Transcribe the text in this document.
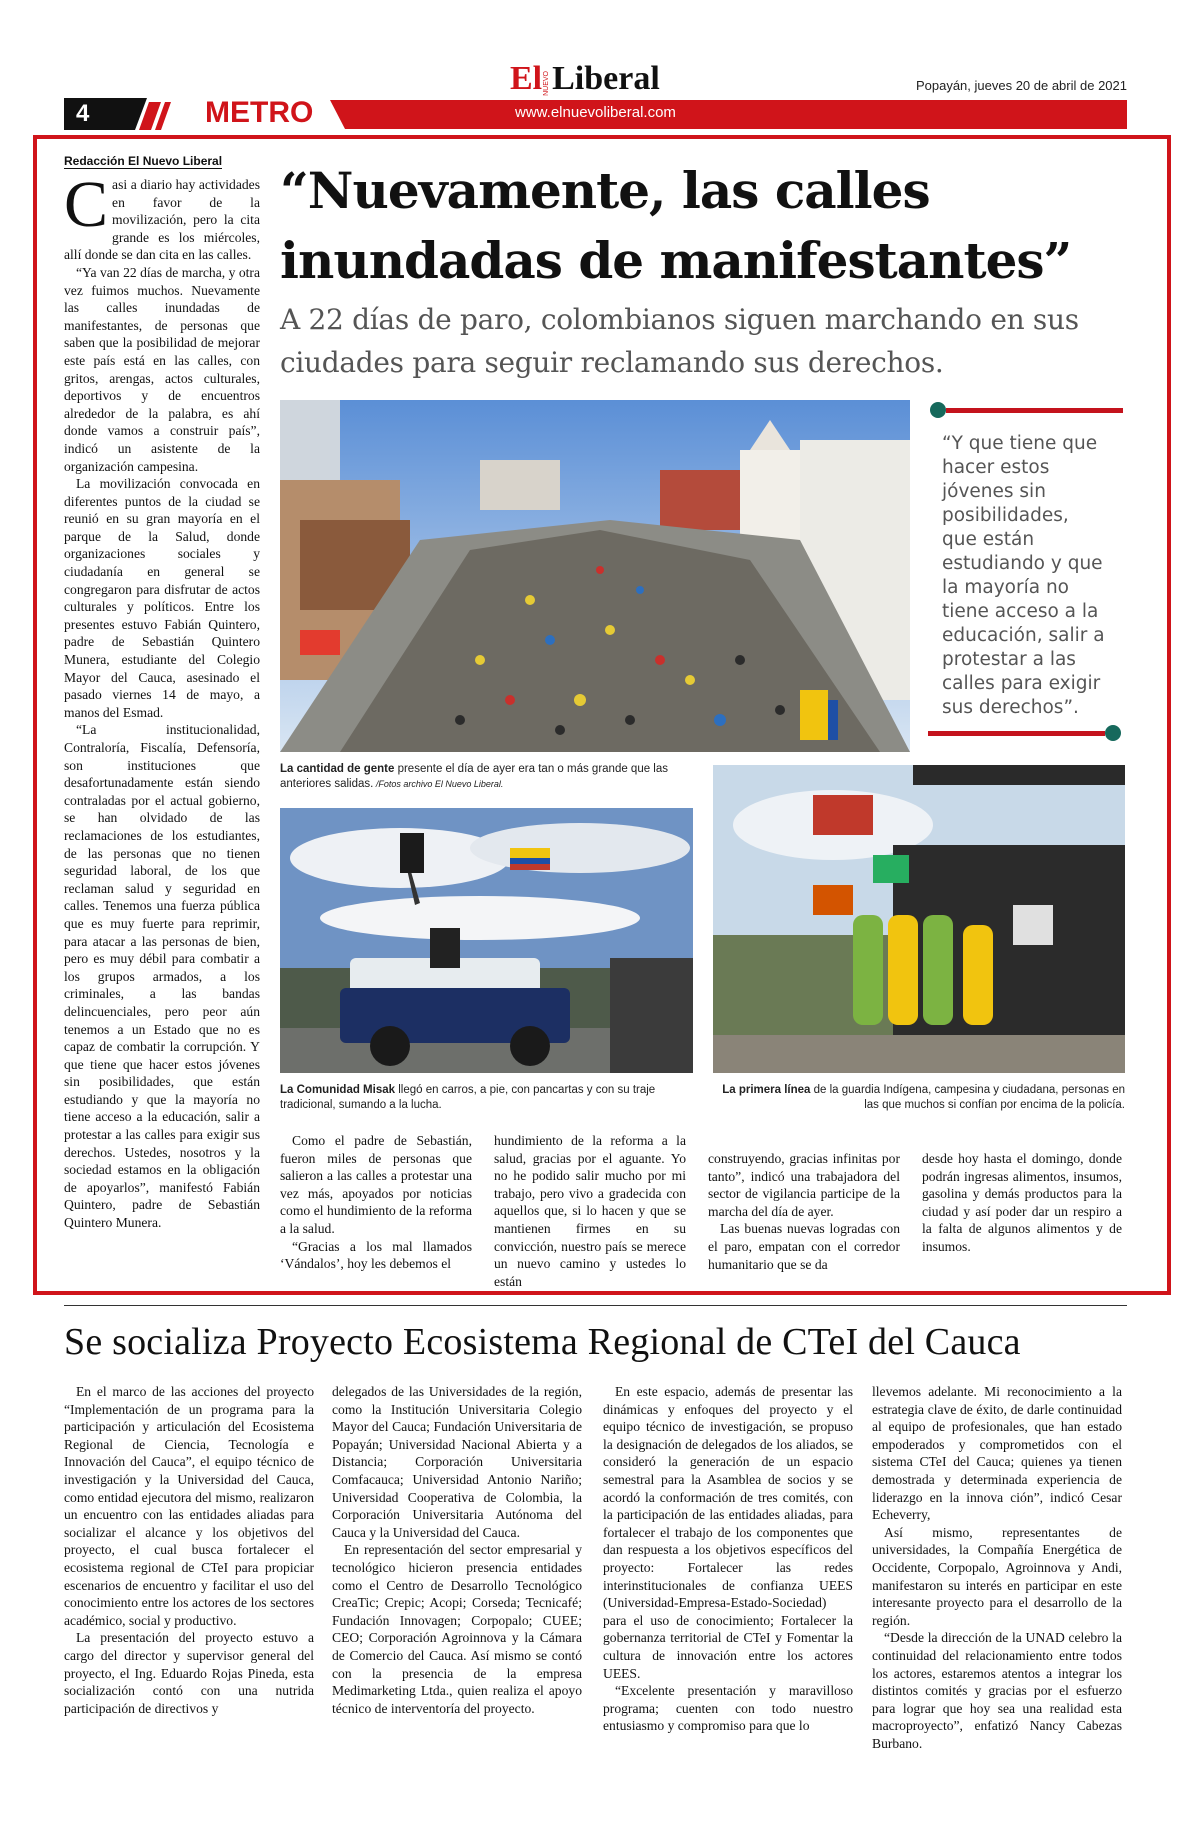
El NUEVO Liberal	Popayán, jueves 20 de abril de 2021
4	METRO	www.elnuevoliberal.com
Redacción El Nuevo Liberal

Casi a diario hay actividades en favor de la movilización, pero la cita grande es los miércoles, allí donde se dan cita en las calles.

“Ya van 22 días de marcha, y otra vez fuimos muchos. Nuevamente las calles inundadas de manifestantes, de personas que saben que la posibilidad de mejorar este país está en las calles, con gritos, arengas, actos culturales, deportivos y de encuentros alrededor de la palabra, es ahí donde vamos a construir país”, indicó un asistente de la organización campesina.

La movilización convocada en diferentes puntos de la ciudad se reunió en su gran mayoría en el parque de la Salud, donde organizaciones sociales y ciudadanía en general se congregaron para disfrutar de actos culturales y políticos. Entre los presentes estuvo Fabián Quintero, padre de Sebastián Quintero Munera, estudiante del Colegio Mayor del Cauca, asesinado el pasado viernes 14 de mayo, a manos del Esmad.

“La institucionalidad, Contraloría, Fiscalía, Defensoría, son instituciones que desafortunadamente están siendo contraladas por el actual gobierno, se han olvidado de las reclamaciones de los estudiantes, de las personas que no tienen seguridad laboral, de los que reclaman salud y seguridad en calles. Tenemos una fuerza pública que es muy fuerte para reprimir, para atacar a las personas de bien, pero es muy débil para combatir a los grupos armados, a los criminales, a las bandas delincuenciales, pero peor aún tenemos a un Estado que no es capaz de combatir la corrupción. Y que tiene que hacer estos jóvenes sin posibilidades, que están estudiando y que la mayoría no tiene acceso a la educación, salir a protestar a las calles para exigir sus derechos. Ustedes, nosotros y la sociedad estamos en la obligación de apoyarlos”, manifestó Fabián Quintero, padre de Sebastián Quintero Munera.

“Nuevamente, las calles inundadas de manifestantes”
A 22 días de paro, colombianos siguen marchando en sus ciudades para seguir reclamando sus derechos.
La cantidad de gente presente el día de ayer era tan o más grande que las anteriores salidas. /Fotos archivo El Nuevo Liberal.
“Y que tiene que hacer estos jóvenes sin posibilidades, que están estudiando y que la mayoría no tiene acceso a la educación, salir a protestar a las calles para exigir sus derechos”.
La Comunidad Misak llegó en carros, a pie, con pancartas y con su traje tradicional, sumando a la lucha.
La primera línea de la guardia Indígena, campesina y ciudadana, personas en las que muchos si confían por encima de la policía.

Como el padre de Sebastián, fueron miles de personas que salieron a las calles a protestar una vez más, apoyados por noticias como el hundimiento de la reforma a la salud.

“Gracias a los mal llamados ‘Vándalos’, hoy les debemos el

hundimiento de la reforma a la salud, gracias por el aguante. Yo no he podido salir mucho por mi trabajo, pero vivo a gradecida con aquellos que, si lo hacen y que se mantienen firmes en su convicción, nuestro país se merece un nuevo camino y ustedes lo están

construyendo, gracias infinitas por tanto”, indicó una trabajadora del sector de vigilancia participe de la marcha del día de ayer.

Las buenas nuevas logradas con el paro, empatan con el corredor humanitario que se da

desde hoy hasta el domingo, donde podrán ingresas alimentos, insumos, gasolina y demás productos para la ciudad y así poder dar un respiro a la falta de algunos alimentos y de insumos.

Se socializa Proyecto Ecosistema Regional de CTeI del Cauca

En el marco de las acciones del proyecto “Implementación de un programa para la participación y articulación del Ecosistema Regional de Ciencia, Tecnología e Innovación del Cauca”, el equipo técnico de investigación y la Universidad del Cauca, como entidad ejecutora del mismo, realizaron un encuentro con las entidades aliadas para socializar el alcance y los objetivos del proyecto, el cual busca fortalecer el ecosistema regional de CTeI para propiciar escenarios de encuentro y facilitar el uso del conocimiento entre los actores de los sectores académico, social y productivo.

La presentación del proyecto estuvo a cargo del director y supervisor general del proyecto, el Ing. Eduardo Rojas Pineda, esta socialización contó con una nutrida participación de directivos y

delegados de las Universidades de la región, como la Institución Universitaria Colegio Mayor del Cauca; Fundación Universitaria de Popayán; Universidad Nacional Abierta y a Distancia; Corporación Universitaria Comfacauca; Universidad Antonio Nariño; Universidad Cooperativa de Colombia, la Corporación Universitaria Autónoma del Cauca y la Universidad del Cauca.

En representación del sector empresarial y tecnológico hicieron presencia entidades como el Centro de Desarrollo Tecnológico CreaTic; Crepic; Acopi; Corseda; Tecnicafé; Fundación Innovagen; Corpopalo; CUEE; CEO; Corporación Agroinnova y la Cámara de Comercio del Cauca. Así mismo se contó con la presencia de la empresa Medimarketing Ltda., quien realiza el apoyo técnico de interventoría del proyecto.

En este espacio, además de presentar las dinámicas y enfoques del proyecto y el equipo técnico de investigación, se propuso la designación de delegados de los aliados, se consideró la generación de un espacio semestral para la Asamblea de socios y se acordó la conformación de tres comités, con la participación de las entidades aliadas, para fortalecer el trabajo de los componentes que dan respuesta a los objetivos específicos del proyecto: Fortalecer las redes interinstitucionales de confianza UEES (Universidad-Empresa-Estado-Sociedad) para el uso de conocimiento; Fortalecer la gobernanza territorial de CTeI y Fomentar la cultura de innovación entre los actores UEES.

“Excelente presentación y maravilloso programa; cuenten con todo nuestro entusiasmo y compromiso para que lo

llevemos adelante. Mi reconocimiento a la estrategia clave de éxito, de darle continuidad al equipo de profesionales, que han estado empoderados y comprometidos con el sistema CTeI del Cauca; quienes ya tienen demostrada y determinada experiencia de liderazgo en la innova ción”, indicó Cesar Echeverry,

Así mismo, representantes de universidades, la Compañía Energética de Occidente, Corpopalo, Agroinnova y Andi, manifestaron su interés en participar en este interesante proyecto para el desarrollo de la región.

“Desde la dirección de la UNAD celebro la continuidad del relacionamiento entre todos los actores, estaremos atentos a integrar los distintos comités y gracias por el esfuerzo para lograr que hoy sea una realidad esta macroproyecto”, enfatizó Nancy Cabezas Burbano.
